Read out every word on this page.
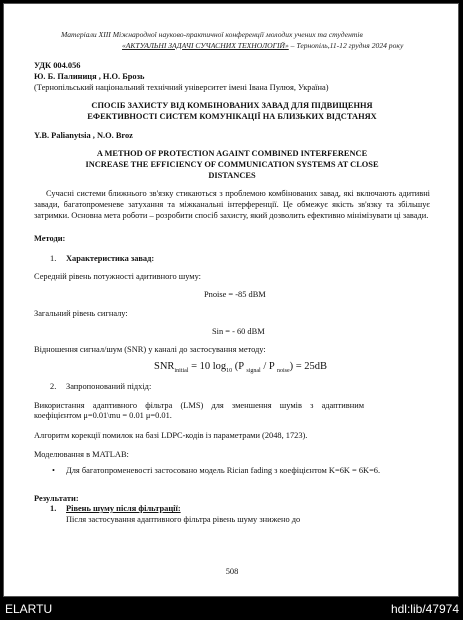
Матеріали ХІІІ Міжнародної науково-практичної конференції молодих учених та студентів
«АКТУАЛЬНІ ЗАДАЧІ СУЧАСНИХ ТЕХНОЛОГІЙ» – Тернопіль,11-12 грудня 2024 року
УДК 004.056
Ю. Б. Палиниця , Н.О. Брозь
(Тернопільський національний технічний університет імені Івана Пулюя, Україна)
СПОСІБ ЗАХИСТУ ВІД КОМБІНОВАНИХ ЗАВАД ДЛЯ ПІДВИЩЕННЯ
ЕФЕКТИВНОСТІ СИСТЕМ КОМУНІКАЦІЇ НА БЛИЗЬКИХ ВІДСТАНЯХ
Y.B. Palianytsia , N.O. Broz
A METHOD OF PROTECTION AGAINT COMBINED INTERFERENCE
INCREASE THE EFFICIENCY OF COMMUNICATION SYSTEMS AT CLOSE
DISTANCES
Сучасні системи ближнього зв'язку стикаються з проблемою комбінованих завад, які включають адитивні завади, багатопроменеве затухання та міжканальні інтерференції. Це обмежує якість зв'язку та збільшує затримки. Основна мета роботи – розробити спосіб захисту, який дозволить ефективно мінімізувати ці завади.
Методи:
1. Характеристика завад:
Середній рівень потужності адитивного шуму:
Pnoise = -85 dBM
Загальний рівень сигналу:
Sin = - 60 dBM
Відношення сигнал/шум (SNR) у каналі до застосування методу:
$SNR_{initial} = 10$ $\log_{10} (P$ $_{signal}$ / P $_{noise}$) = 25dB
2. Запропонований підхід:
Використання адаптивного фільтра (LMS) для зменшення шумів з адаптивним коефіцієнтом μ=0.01\mu = 0.01 μ=0.01.
Алгоритм корекції помилок на базі LDPC-кодів із параметрами (2048, 1723).
Моделювання в MATLAB:
• Для багатопроменевості застосовано модель Rician fading з коефіцієнтом K=6K = 6K=6.
Результати:
1. Рівень шуму після фільтрації:
Після застосування адаптивного фільтра рівень шуму знижено до
508
ELARTU	hdl:lib/47974
